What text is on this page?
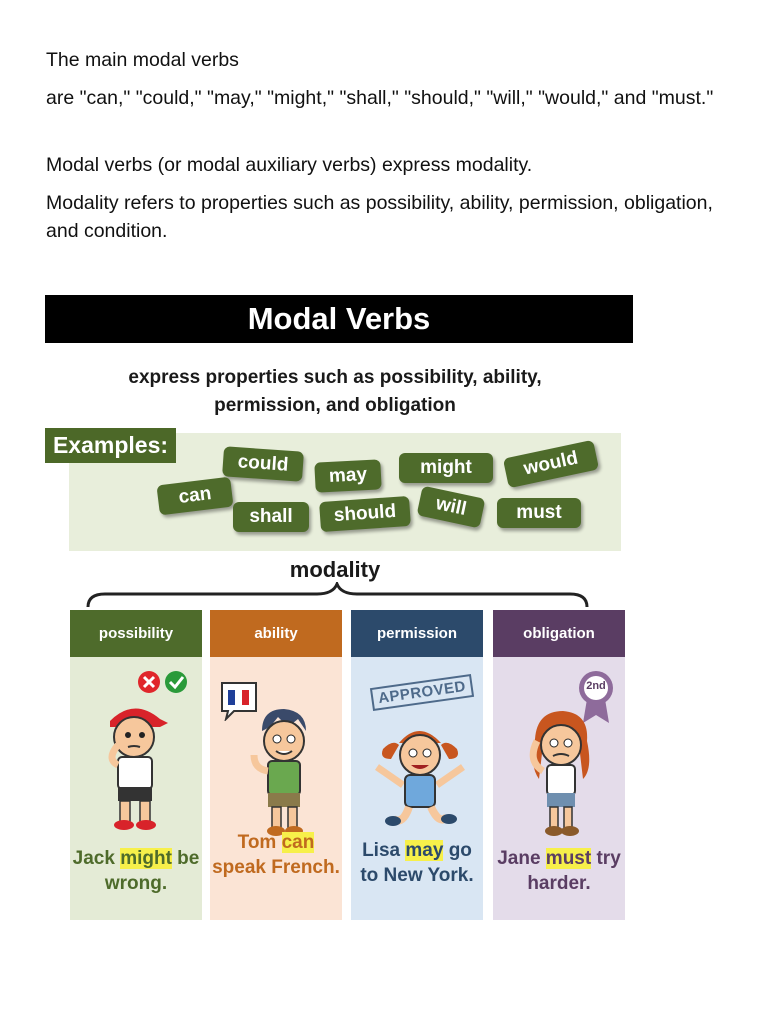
The main modal verbs

are "can," "could," "may," "might," "shall," "should," "will," "would," and "must."

Modal verbs (or modal auxiliary verbs) express modality.

Modality refers to properties such as possibility, ability, permission, obligation, and condition.

Modal Verbs
express properties such as possibility, ability, permission, and obligation
Examples:
could	may	might	would
can
shall	should	will	must
modality
possibility
Jack might be wrong.
ability
Tom can speak French.
permission
APPROVED
Lisa may go to New York.
obligation
2nd
Jane must try harder.
